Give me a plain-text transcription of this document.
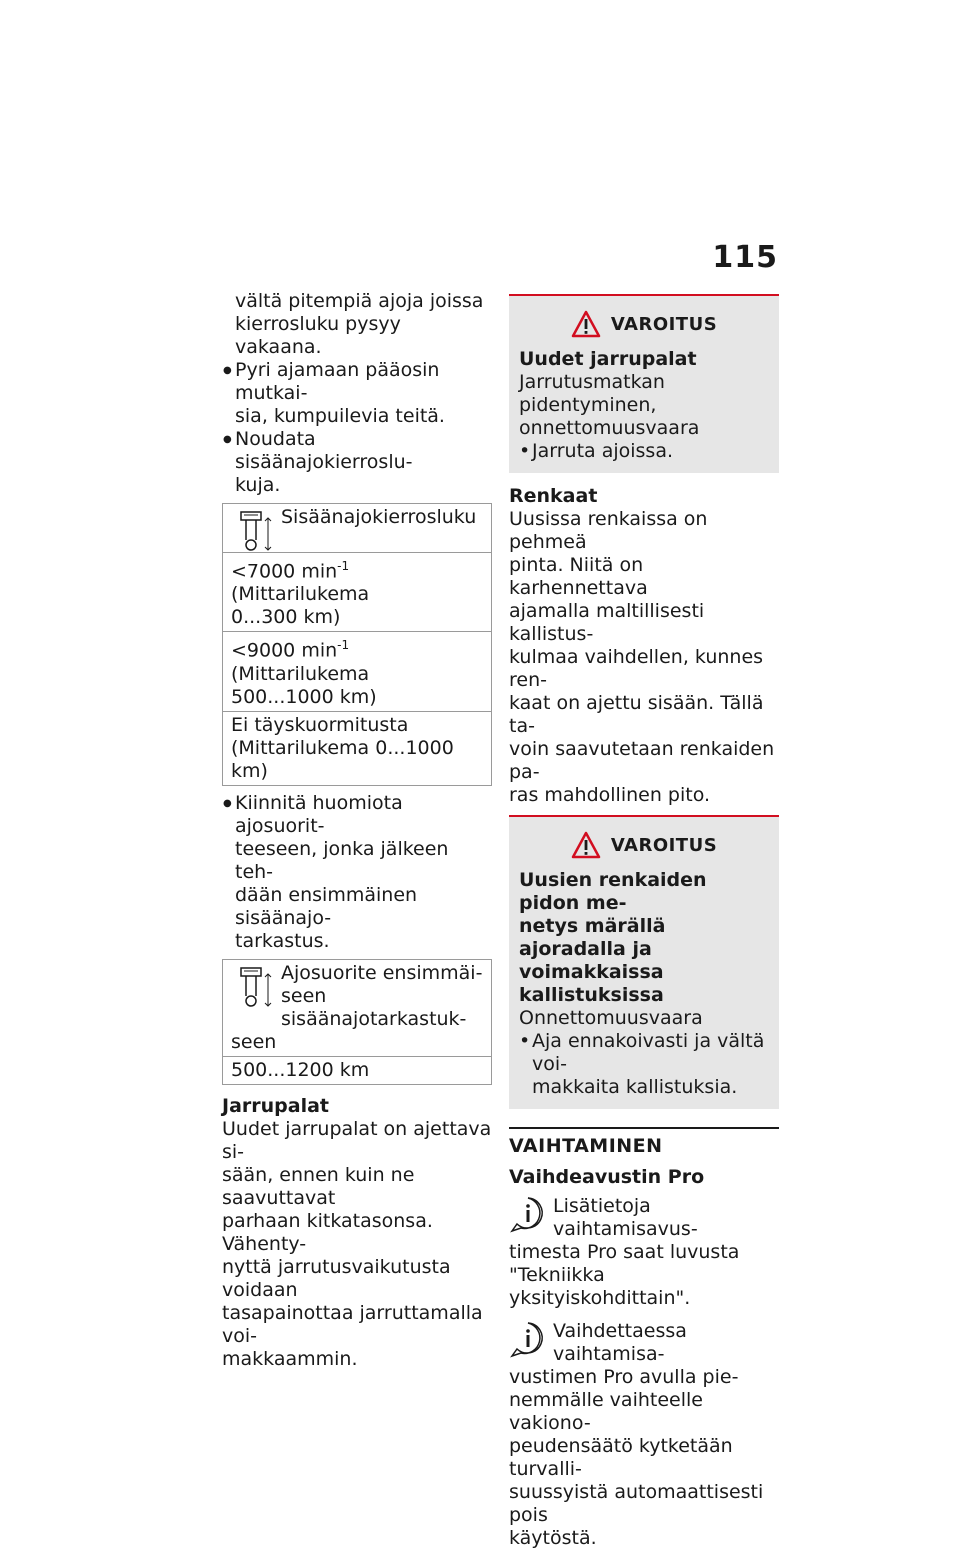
115

vältä pitempiä ajoja joissa

kierrosluku pysyy vakaana.

● Pyri ajamaan pääosin mutkai-
sia, kumpuilevia teitä.
● Noudata sisäänajokierroslu-
kuja.
Sisäänajokierrosluku
<7000 $\min^{-1}$ (Mittarilukema
0...300 km)
<9000 $\min^{-1}$ (Mittarilukema
500...1000 km)
Ei täyskuormitusta
(Mittarilukema 0...1000 km)
● Kiinnitä huomiota ajosuorit-
teeseen, jonka jälkeen teh-
dään ensimmäinen sisäänajo-
tarkastus.
Ajosuorite ensimmäi-
seen sisäänajotarkastuk-
seen
500...1200 km
Jarrupalat
Uudet jarrupalat on ajettava si-
sään, ennen kuin ne saavuttavat
parhaan kitkatasonsa. Vähenty-
nyttä jarrutusvaikutusta voidaan
tasapainottaa jarruttamalla voi-
makkaammin.
VAROITUS
Uudet jarrupalat
Jarrutusmatkan pidentyminen,
onnettomuusvaara
• Jarruta ajoissa.
Renkaat
Uusissa renkaissa on pehmeä
pinta. Niitä on karhennettava
ajamalla maltillisesti kallistus-
kulmaa vaihdellen, kunnes ren-
kaat on ajettu sisään. Tällä ta-
voin saavutetaan renkaiden pa-
ras mahdollinen pito.
VAROITUS
Uusien renkaiden pidon me-
netys märällä ajoradalla ja
voimakkaissa kallistuksissa
Onnettomuusvaara
• Aja ennakoivasti ja vältä voi-
makkaita kallistuksia.
VAIHTAMINEN
Vaihdeavustin Pro
Lisätietoja vaihtamisavus-
timesta Pro saat luvusta
"Tekniikka yksityiskohdittain".
Vaihdettaessa vaihtamisa-
vustimen Pro avulla pie-
nemmälle vaihteelle vakiono-
peudensäätö kytketään turvalli-
suussyistä automaattisesti pois
käytöstä.
